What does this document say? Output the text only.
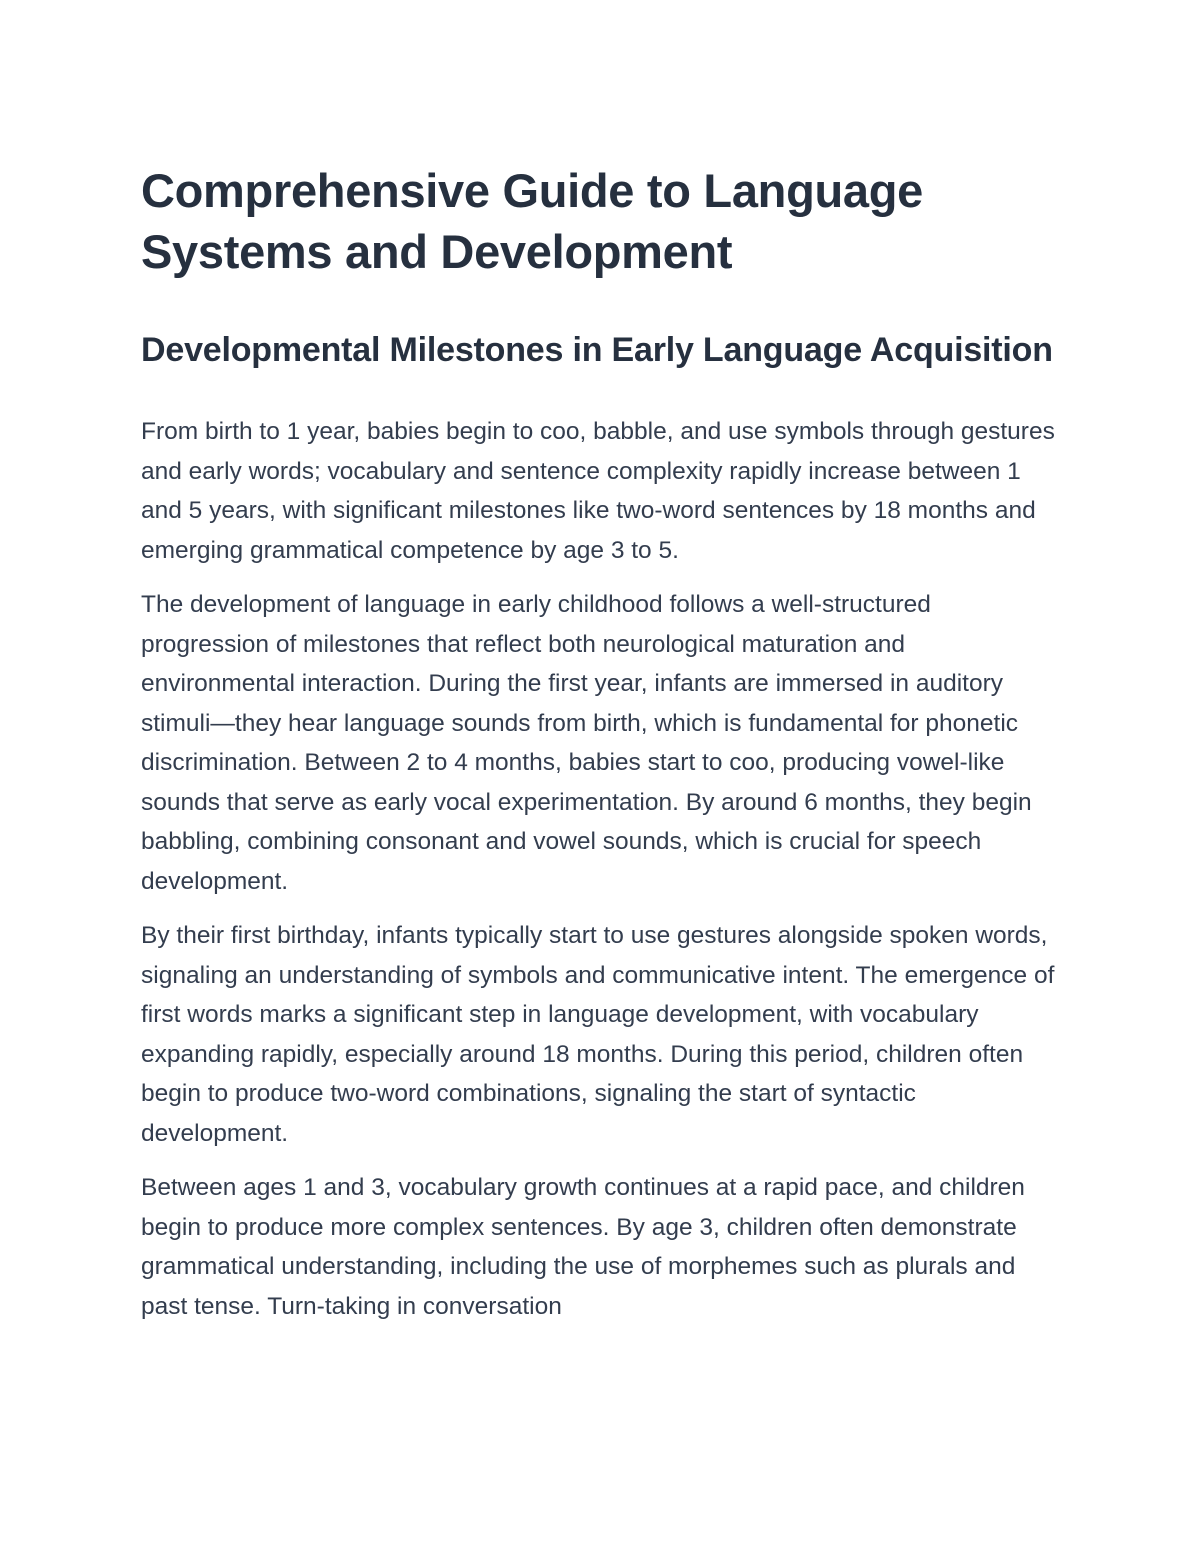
Comprehensive Guide to Language Systems and Development
Developmental Milestones in Early Language Acquisition

From birth to 1 year, babies begin to coo, babble, and use symbols through gestures and early words; vocabulary and sentence complexity rapidly increase between 1 and 5 years, with significant milestones like two-word sentences by 18 months and emerging grammatical competence by age 3 to 5.

The development of language in early childhood follows a well-structured progression of milestones that reflect both neurological maturation and environmental interaction. During the first year, infants are immersed in auditory stimuli—they hear language sounds from birth, which is fundamental for phonetic discrimination. Between 2 to 4 months, babies start to coo, producing vowel-like sounds that serve as early vocal experimentation. By around 6 months, they begin babbling, combining consonant and vowel sounds, which is crucial for speech development.

By their first birthday, infants typically start to use gestures alongside spoken words, signaling an understanding of symbols and communicative intent. The emergence of first words marks a significant step in language development, with vocabulary expanding rapidly, especially around 18 months. During this period, children often begin to produce two-word combinations, signaling the start of syntactic development.

Between ages 1 and 3, vocabulary growth continues at a rapid pace, and children begin to produce more complex sentences. By age 3, children often demonstrate grammatical understanding, including the use of morphemes such as plurals and past tense. Turn-taking in conversation
